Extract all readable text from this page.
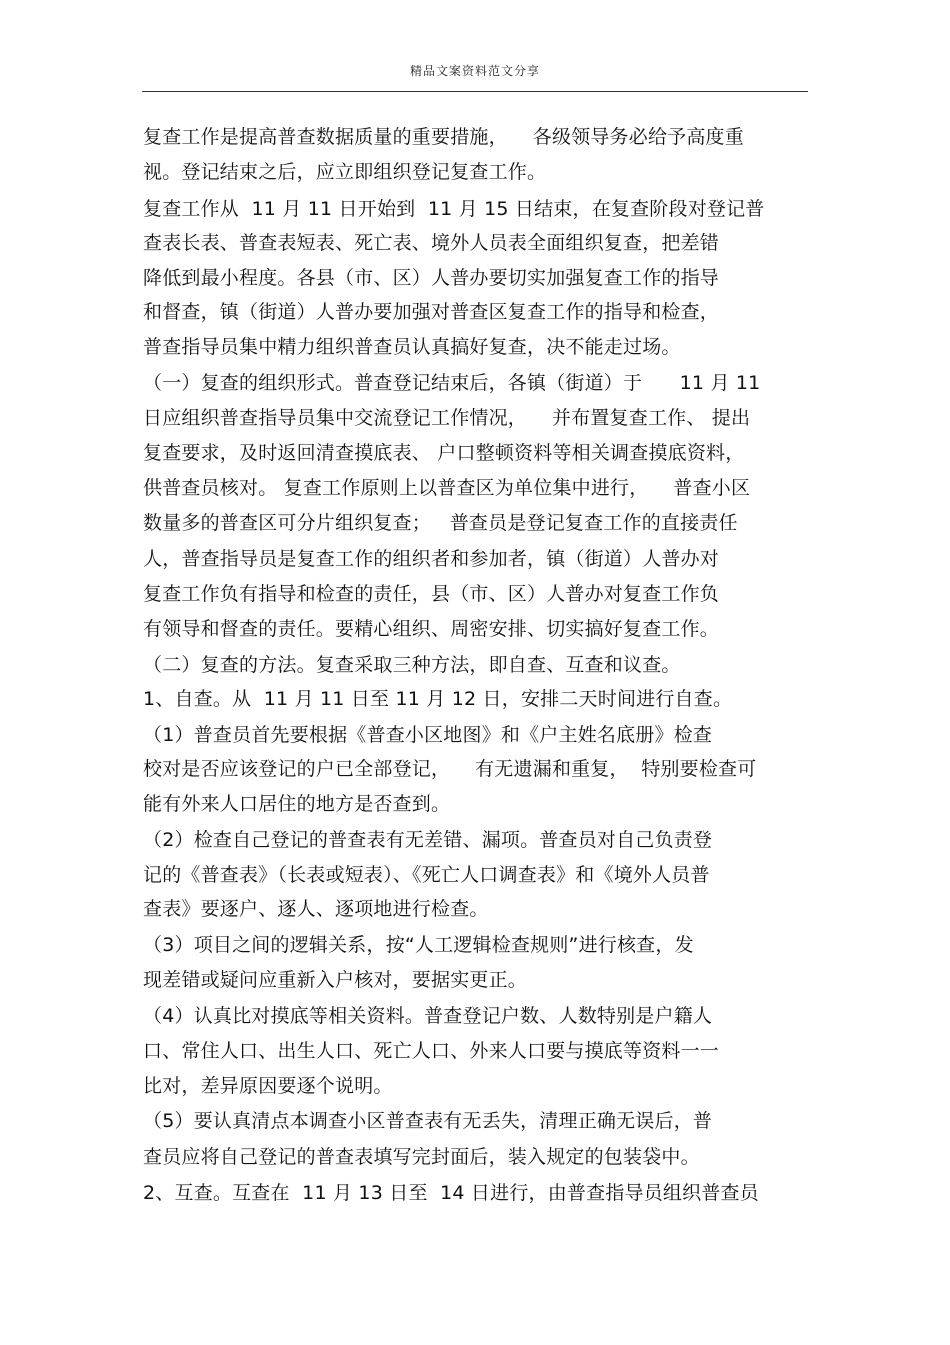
精品文案资料范文分享
复查工作是提高普查数据质量的重要措施，    各级领导务必给予高度重
视。登记结束之后，应立即组织登记复查工作。
复查工作从  11 月 11 日开始到  11 月 15 日结束，在复查阶段对登记普
查表长表、普查表短表、死亡表、境外人员表全面组织复查，把差错
降低到最小程度。各县（市、区）人普办要切实加强复查工作的指导
和督查，镇（街道）人普办要加强对普查区复查工作的指导和检查，
普查指导员集中精力组织普查员认真搞好复查，决不能走过场。
（一）复查的组织形式。普查登记结束后，各镇（街道）于      11 月 11
日应组织普查指导员集中交流登记工作情况，    并布置复查工作、 提出
复查要求，及时返回清查摸底表、 户口整顿资料等相关调查摸底资料，
供普查员核对。 复查工作原则上以普查区为单位集中进行，    普查小区
数量多的普查区可分片组织复查；   普查员是登记复查工作的直接责任
人，普查指导员是复查工作的组织者和参加者，镇（街道）人普办对
复查工作负有指导和检查的责任，县（市、区）人普办对复查工作负
有领导和督查的责任。要精心组织、周密安排、切实搞好复查工作。
（二）复查的方法。复查采取三种方法，即自查、互查和议查。
1、自查。从  11 月 11 日至 11 月 12 日，安排二天时间进行自查。
（1）普查员首先要根据《普查小区地图》和《户主姓名底册》检查
校对是否应该登记的户已全部登记，    有无遗漏和重复，  特别要检查可
能有外来人口居住的地方是否查到。
（2）检查自己登记的普查表有无差错、漏项。普查员对自己负责登
记的《普查表》（长表或短表）、《死亡人口调查表》和《境外人员普
查表》要逐户、逐人、逐项地进行检查。
（3）项目之间的逻辑关系，按“人工逻辑检查规则”进行核查，发
现差错或疑问应重新入户核对，要据实更正。
（4）认真比对摸底等相关资料。普查登记户数、人数特别是户籍人
口、常住人口、出生人口、死亡人口、外来人口要与摸底等资料一一
比对，差异原因要逐个说明。
（5）要认真清点本调查小区普查表有无丢失，清理正确无误后，普
查员应将自己登记的普查表填写完封面后，装入规定的包装袋中。
2、互查。互查在  11 月 13 日至  14 日进行，由普查指导员组织普查员
